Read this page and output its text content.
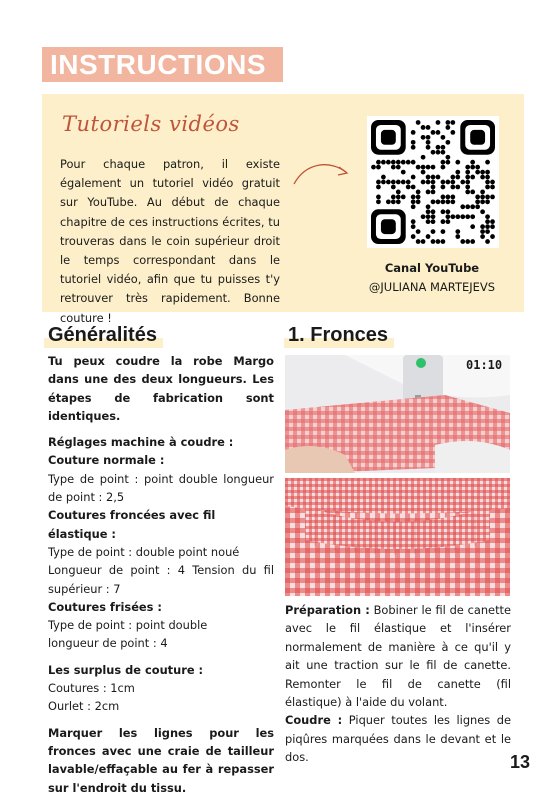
INSTRUCTIONS
Tutoriels vidéos
Pour chaque patron, il existe également un tutoriel vidéo gratuit sur YouTube. Au début de chaque chapitre de ces instructions écrites, tu trouveras dans le coin supérieur droit le temps correspondant dans le tutoriel vidéo, afin que tu puisses t'y retrouver très rapidement. Bonne couture !
Canal YouTube
@JULIANA MARTEJEVS
Généralités	1. Fronces

Tu peux coudre la robe Margo dans une des deux longueurs. Les étapes de fabrication sont identiques.

Réglages machine à coudre :

Couture normale :

Type de point : point double longueur de point : 2,5

Coutures froncées avec fil élastique :

Type de point : double point noué

Longueur de point : 4 Tension du fil supérieur : 7

Coutures frisées :

Type de point : point double

longueur de point : 4

Les surplus de couture :

Coutures : 1cm

Ourlet : 2cm

Marquer les lignes pour les fronces avec une craie de tailleur lavable/effaçable au fer à repasser sur l'endroit du tissu.

01:10

Préparation : Bobiner le fil de canette avec le fil élastique et l'insérer normalement de manière à ce qu'il y ait une traction sur le fil de canette. Remonter le fil de canette (fil élastique) à l'aide du volant.

Coudre : Piquer toutes les lignes de piqûres marquées dans le devant et le dos.	13
